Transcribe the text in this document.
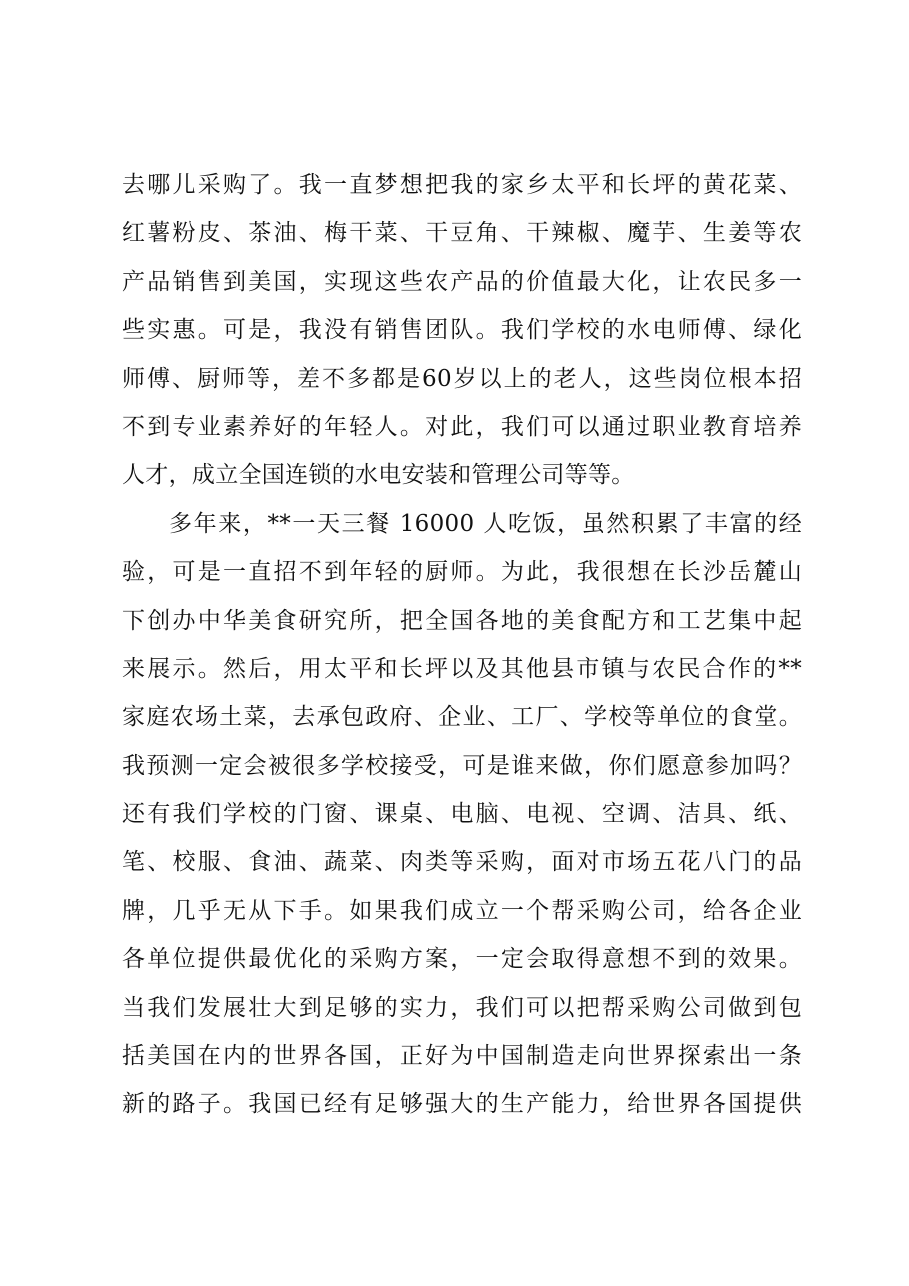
去哪儿采购了。我一直梦想把我的家乡太平和长坪的黄花菜、
红薯粉皮、茶油、梅干菜、干豆角、干辣椒、魔芋、生姜等农
产品销售到美国，实现这些农产品的价值最大化，让农民多一
些实惠。可是，我没有销售团队。我们学校的水电师傅、绿化
师傅、厨师等，差不多都是60岁以上的老人，这些岗位根本招
不到专业素养好的年轻人。对此，我们可以通过职业教育培养
人才，成立全国连锁的水电安装和管理公司等等。
多年来，**一天三餐 16000 人吃饭，虽然积累了丰富的经
验，可是一直招不到年轻的厨师。为此，我很想在长沙岳麓山
下创办中华美食研究所，把全国各地的美食配方和工艺集中起
来展示。然后，用太平和长坪以及其他县市镇与农民合作的**
家庭农场土菜，去承包政府、企业、工厂、学校等单位的食堂。
我预测一定会被很多学校接受，可是谁来做，你们愿意参加吗？
还有我们学校的门窗、课桌、电脑、电视、空调、洁具、纸、
笔、校服、食油、蔬菜、肉类等采购，面对市场五花八门的品
牌，几乎无从下手。如果我们成立一个帮采购公司，给各企业
各单位提供最优化的采购方案，一定会取得意想不到的效果。
当我们发展壮大到足够的实力，我们可以把帮采购公司做到包
括美国在内的世界各国，正好为中国制造走向世界探索出一条
新的路子。我国已经有足够强大的生产能力，给世界各国提供
